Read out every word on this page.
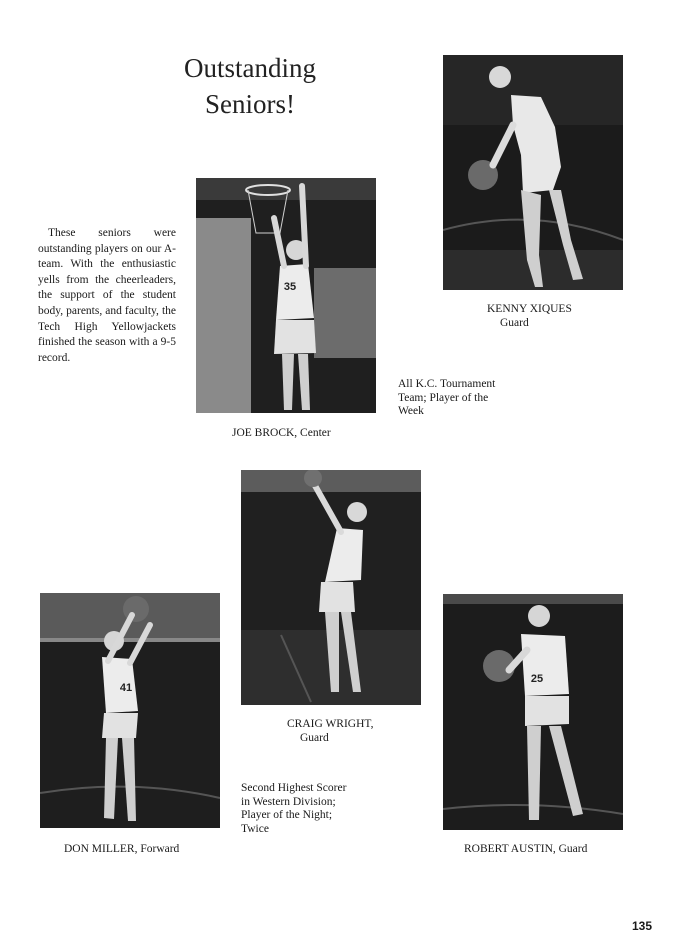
Outstanding
Seniors!

These seniors were outstanding players on our A-team. With the enthusiastic yells from the cheerleaders, the support of the student body, parents, and faculty, the Tech High Yellowjackets finished the season with a 9-5 record.

KENNY XIQUES
Guard
35
JOE BROCK, Center
All K.C. Tournament Team; Player of the Week
CRAIG WRIGHT,
Guard
Second Highest Scorer in Western Division; Player of the Night; Twice
41
DON MILLER, Forward
25
ROBERT AUSTIN, Guard
135
